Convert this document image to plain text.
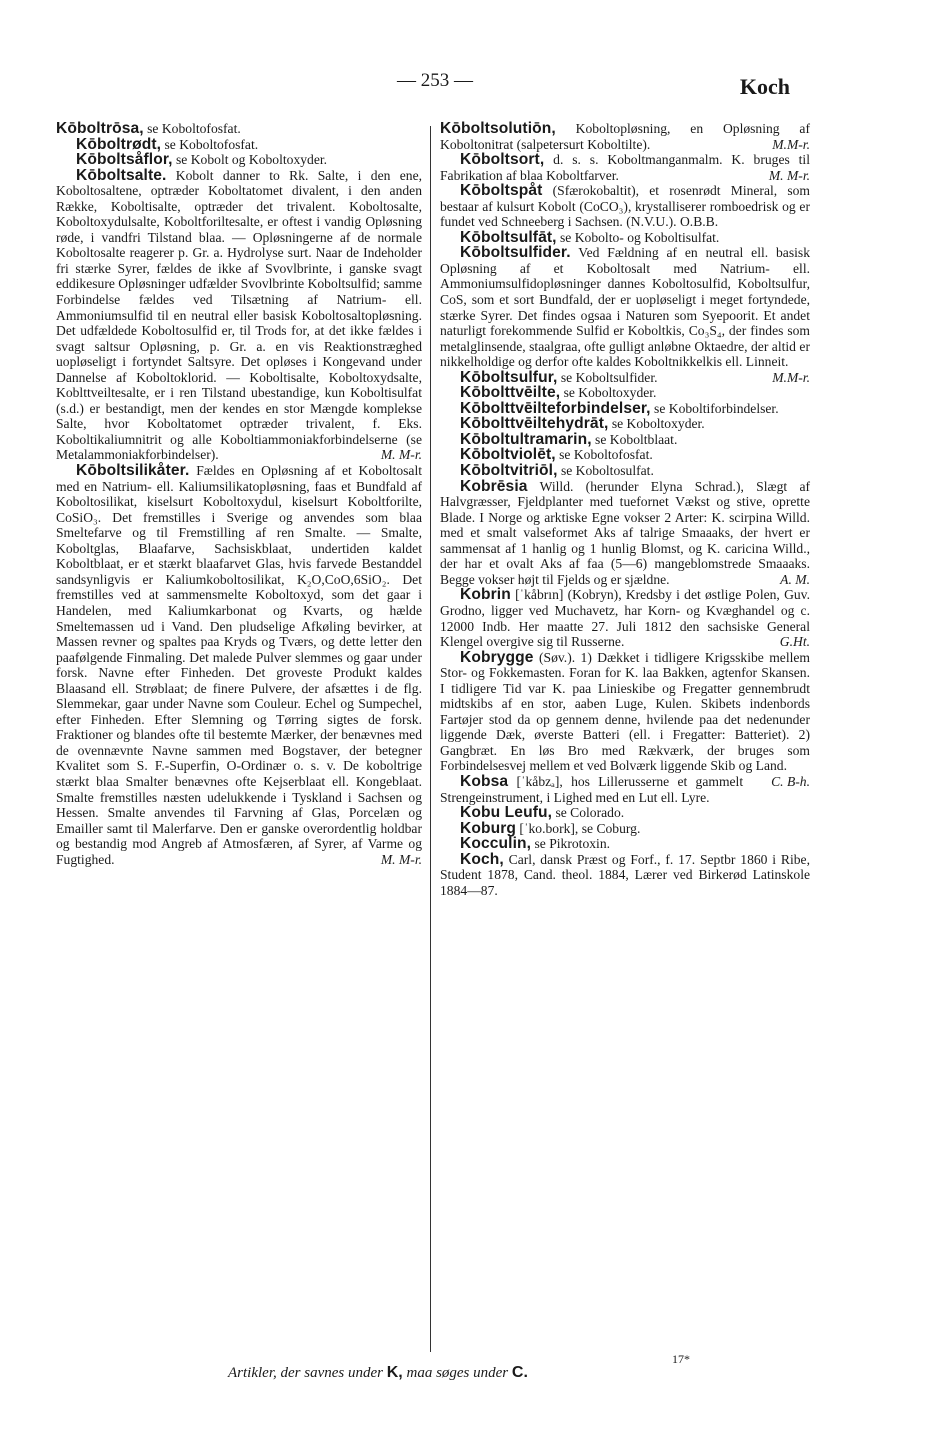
— 253 —	Koch

Kōboltrōsa, se Koboltofosfat.

Kōboltrødt, se Koboltofosfat.

Kōboltsåflor, se Kobolt og Koboltoxyder.

Kōboltsalte. Kobolt danner to Rk. Salte, i den ene, Koboltosaltene, optræder Koboltatomet divalent, i den anden Række, Koboltisalte, optræder det trivalent. Koboltosalte, Koboltoxydulsalte, Koboltforiltesalte, er oftest i vandig Opløsning røde, i vandfri Tilstand blaa. — Opløsningerne af de normale Koboltosalte reagerer p. Gr. a. Hydrolyse surt. Naar de Indeholder fri stærke Syrer, fældes de ikke af Svovlbrinte, i ganske svagt eddikesure Opløsninger udfælder Svovlbrinte Koboltsulfid; samme Forbindelse fældes ved Tilsætning af Natrium- ell. Ammoniumsulfid til en neutral eller basisk Koboltosaltopløsning. Det udfældede Koboltosulfid er, til Trods for, at det ikke fældes i svagt saltsur Opløsning, p. Gr. a. en vis Reaktionstræghed uopløseligt i fortyndet Saltsyre. Det opløses i Kongevand under Dannelse af Koboltoklorid. — Koboltisalte, Koboltoxydsalte, Koblttveiltesalte, er i ren Tilstand ubestandige, kun Koboltisulfat (s.d.) er bestandigt, men der kendes en stor Mængde komplekse Salte, hvor Koboltatomet optræder trivalent, f. Eks. Koboltikaliumnitrit og alle Koboltiammoniakforbindelserne (se Metalammoniakforbindelser).	M. M-r.

Kōboltsilikåter. Fældes en Opløsning af et Koboltosalt med en Natrium- ell. Kaliumsilikatopløsning, faas et Bundfald af Koboltosilikat, kiselsurt Koboltoxydul, kiselsurt Koboltforilte, CoSiO₃. Det fremstilles i Sverige og anvendes som blaa Smeltefarve og til Fremstilling af ren Smalte. — Smalte, Koboltglas, Blaafarve, Sachsiskblaat, undertiden kaldet Koboltblaat, er et stærkt blaafarvet Glas, hvis farvede Bestanddel sandsynligvis er Kaliumkoboltosilikat, K₂O,CoO,6SiO₂. Det fremstilles ved at sammensmelte Koboltoxyd, som det gaar i Handelen, med Kaliumkarbonat og Kvarts, og hælde Smeltemassen ud i Vand. Den pludselige Afkøling bevirker, at Massen revner og spaltes paa Kryds og Tværs, og dette letter den paafølgende Finmaling. Det malede Pulver slemmes og gaar under forsk. Navne efter Finheden. Det groveste Produkt kaldes Blaasand ell. Strøblaat; de finere Pulvere, der afsættes i de flg. Slemmekar, gaar under Navne som Couleur. Echel og Sumpechel, efter Finheden. Efter Slemning og Tørring sigtes de forsk. Fraktioner og blandes ofte til bestemte Mærker, der benævnes med de ovennævnte Navne sammen med Bogstaver, der betegner Kvalitet som S. F.-Superfin, O-Ordinær o. s. v. De koboltrige stærkt blaa Smalter benævnes ofte Kejserblaat ell. Kongeblaat. Smalte fremstilles næsten udelukkende i Tyskland i Sachsen og Hessen. Smalte anvendes til Farvning af Glas, Porcelæn og Emailler samt til Malerfarve. Den er ganske overordentlig holdbar og bestandig mod Angreb af Atmosfæren, af Syrer, af Varme og Fugtighed.	M. M-r.

Kōboltsolutiōn, Koboltopløsning, en Opløsning af Koboltonitrat (salpetersurt Koboltilte).	M.M-r.

Kōboltsort, d. s. s. Koboltmanganmalm. K. bruges til Fabrikation af blaa Koboltfarver.	M. M-r.

Kōboltspåt (Sfærokobaltit), et rosenrødt Mineral, som bestaar af kulsurt Kobolt (CoCO₃), krystalliserer romboedrisk og er fundet ved Schneeberg i Sachsen. (N.V.U.). O.B.B.

Kōboltsulfāt, se Kobolto- og Koboltisulfat.

Kōboltsulfider. Ved Fældning af en neutral ell. basisk Opløsning af et Koboltosalt med Natrium- ell. Ammoniumsulfidopløsninger dannes Koboltosulfid, Koboltsulfur, CoS, som et sort Bundfald, der er uopløseligt i meget fortyndede, stærke Syrer. Det findes ogsaa i Naturen som Syepoorit. Et andet naturligt forekommende Sulfid er Koboltkis, Co₃S₄, der findes som metalglinsende, staalgraa, ofte gulligt anløbne Oktaedre, der altid er nikkelholdige og derfor ofte kaldes Koboltnikkelkis ell. Linneit.
M.M-r.

Kōboltsulfur, se Koboltsulfider.

Kōbolttvēilte, se Koboltoxyder.

Kōbolttvēilteforbindelser, se Koboltiforbindelser.

Kōbolttvēiltehydrāt, se Koboltoxyder.

Kōboltultramarin, se Koboltblaat.

Kōboltviolēt, se Koboltofosfat.

Kōboltvitriōl, se Koboltosulfat.

Kobrēsia Willd. (herunder Elyna Schrad.), Slægt af Halvgræsser, Fjeldplanter med tuefornet Vækst og stive, oprette Blade. I Norge og arktiske Egne vokser 2 Arter: K. scirpina Willd. med et smalt valseformet Aks af talrige Smaaaks, der hvert er sammensat af 1 hanlig og 1 hunlig Blomst, og K. caricina Willd., der har et ovalt Aks af faa (5—6) mangeblomstrede Smaaaks. Begge vokser højt til Fjelds og er sjældne.	A. M.

Kobrin [ˈkåbrın] (Kobryn), Kredsby i det østlige Polen, Guv. Grodno, ligger ved Muchavetz, har Korn- og Kvæghandel og c. 12000 Indb. Her maatte 27. Juli 1812 den sachsiske General Klengel overgive sig til Russerne.	G.Ht.

Kobrygge (Søv.). 1) Dækket i tidligere Krigsskibe mellem Stor- og Fokkemasten. Foran for K. laa Bakken, agtenfor Skansen. I tidligere Tid var K. paa Linieskibe og Fregatter gennembrudt midtskibs af en stor, aaben Luge, Kulen. Skibets indenbords Fartøjer stod da op gennem denne, hvilende paa det nedenunder liggende Dæk, øverste Batteri (ell. i Fregatter: Batteriet). 2) Gangbræt. En løs Bro med Rækværk, der bruges som Forbindelsesvej mellem et ved Bolværk liggende Skib og Land.
C. B-h.

Kobsa [ˈkåbzₐ], hos Lillerusserne et gammelt Strengeinstrument, i Lighed med en Lut ell. Lyre.

Kobu Leufu, se Colorado.

Koburg [ˈko.bork], se Coburg.

Kocculin, se Pikrotoxin.

Koch, Carl, dansk Præst og Forf., f. 17. Septbr 1860 i Ribe, Student 1878, Cand. theol. 1884, Lærer ved Birkerød Latinskole 1884—87.

17*
Artikler, der savnes under K, maa søges under C.
